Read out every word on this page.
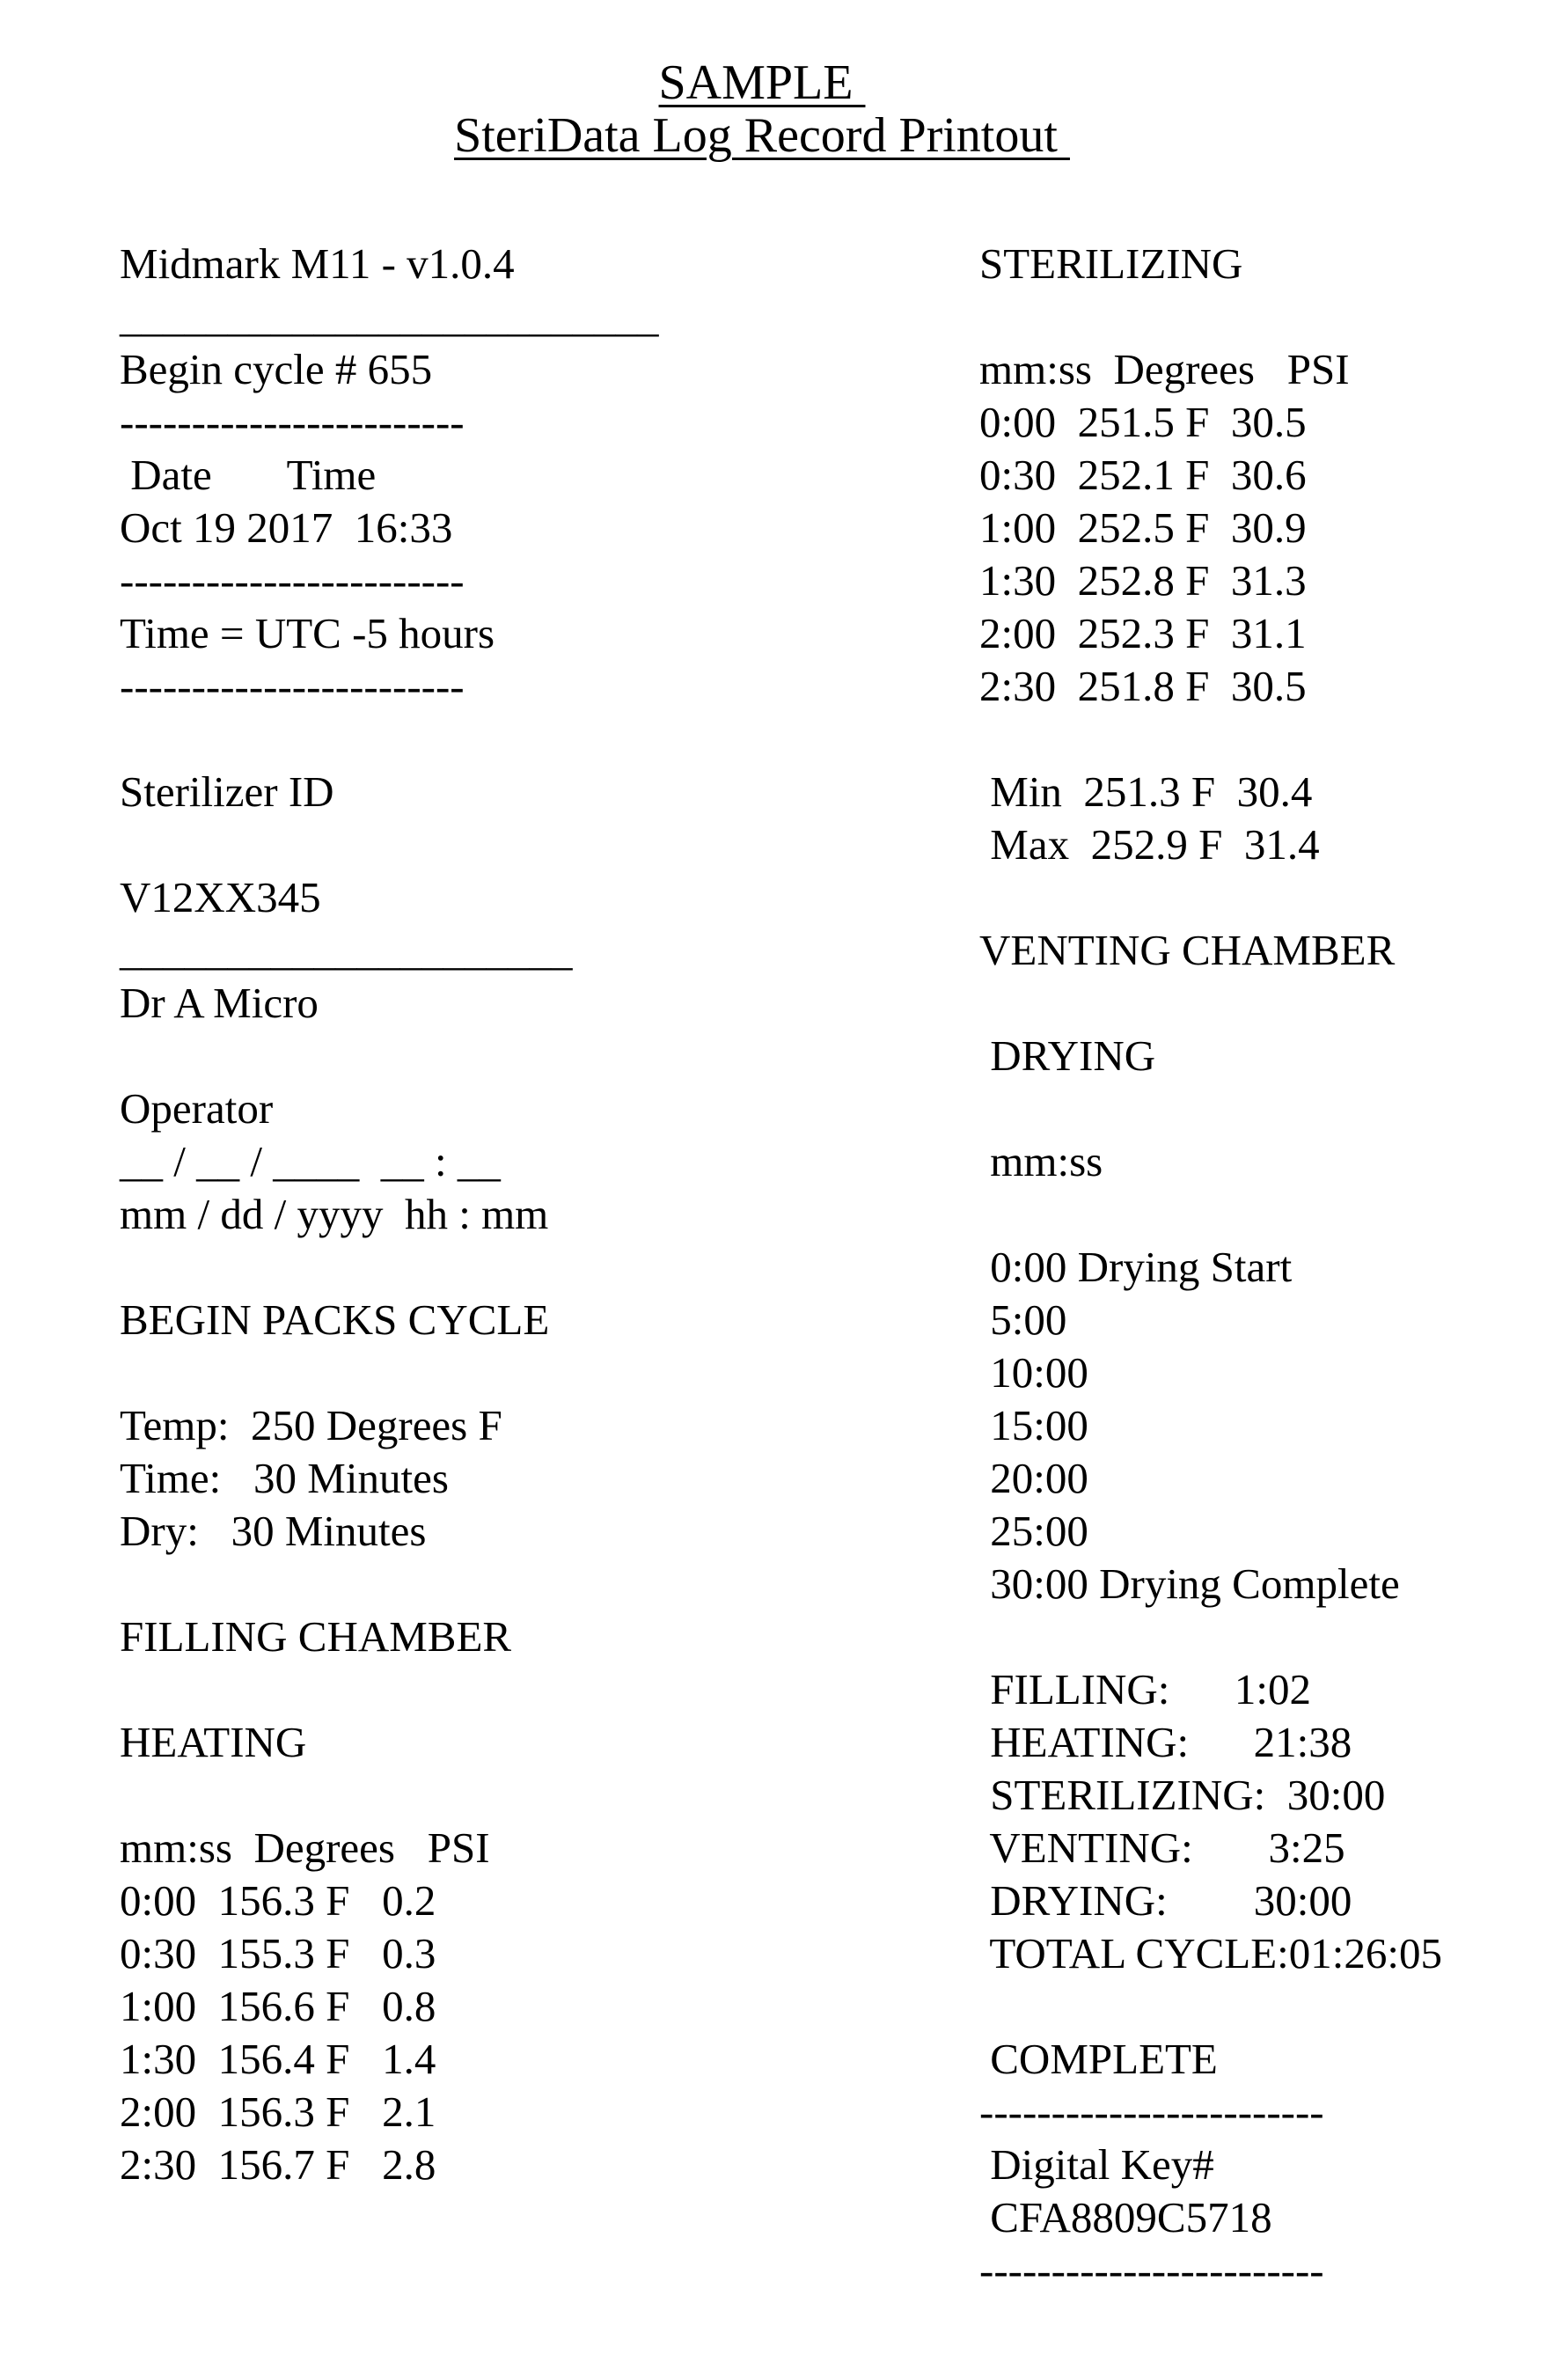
SAMPLE
SteriData Log Record Printout
Midmark M11 - v1.0.4
_________________________
Begin cycle # 655
------------------------
Date       Time
Oct 19 2017  16:33
------------------------
Time = UTC -5 hours
------------------------
Sterilizer ID
V12XX345
_____________________
Dr A Micro
Operator
__ / __ / ____  __ : __
mm / dd / yyyy  hh : mm
BEGIN PACKS CYCLE
Temp:  250 Degrees F
Time:   30 Minutes
Dry:   30 Minutes
FILLING CHAMBER
HEATING
mm:ss  Degrees   PSI
0:00  156.3 F   0.2
0:30  155.3 F   0.3
1:00  156.6 F   0.8
1:30  156.4 F   1.4
2:00  156.3 F   2.1
2:30  156.7 F   2.8
STERILIZING
mm:ss  Degrees   PSI
0:00  251.5 F  30.5
0:30  252.1 F  30.6
1:00  252.5 F  30.9
1:30  252.8 F  31.3
2:00  252.3 F  31.1
2:30  251.8 F  30.5
Min  251.3 F  30.4
Max  252.9 F  31.4
VENTING CHAMBER
DRYING
mm:ss
0:00 Drying Start
5:00
10:00
15:00
20:00
25:00
30:00 Drying Complete
FILLING:      1:02
HEATING:      21:38
STERILIZING:  30:00
VENTING:       3:25
DRYING:        30:00
TOTAL CYCLE:01:26:05
COMPLETE
------------------------
Digital Key#
CFA8809C5718
------------------------
